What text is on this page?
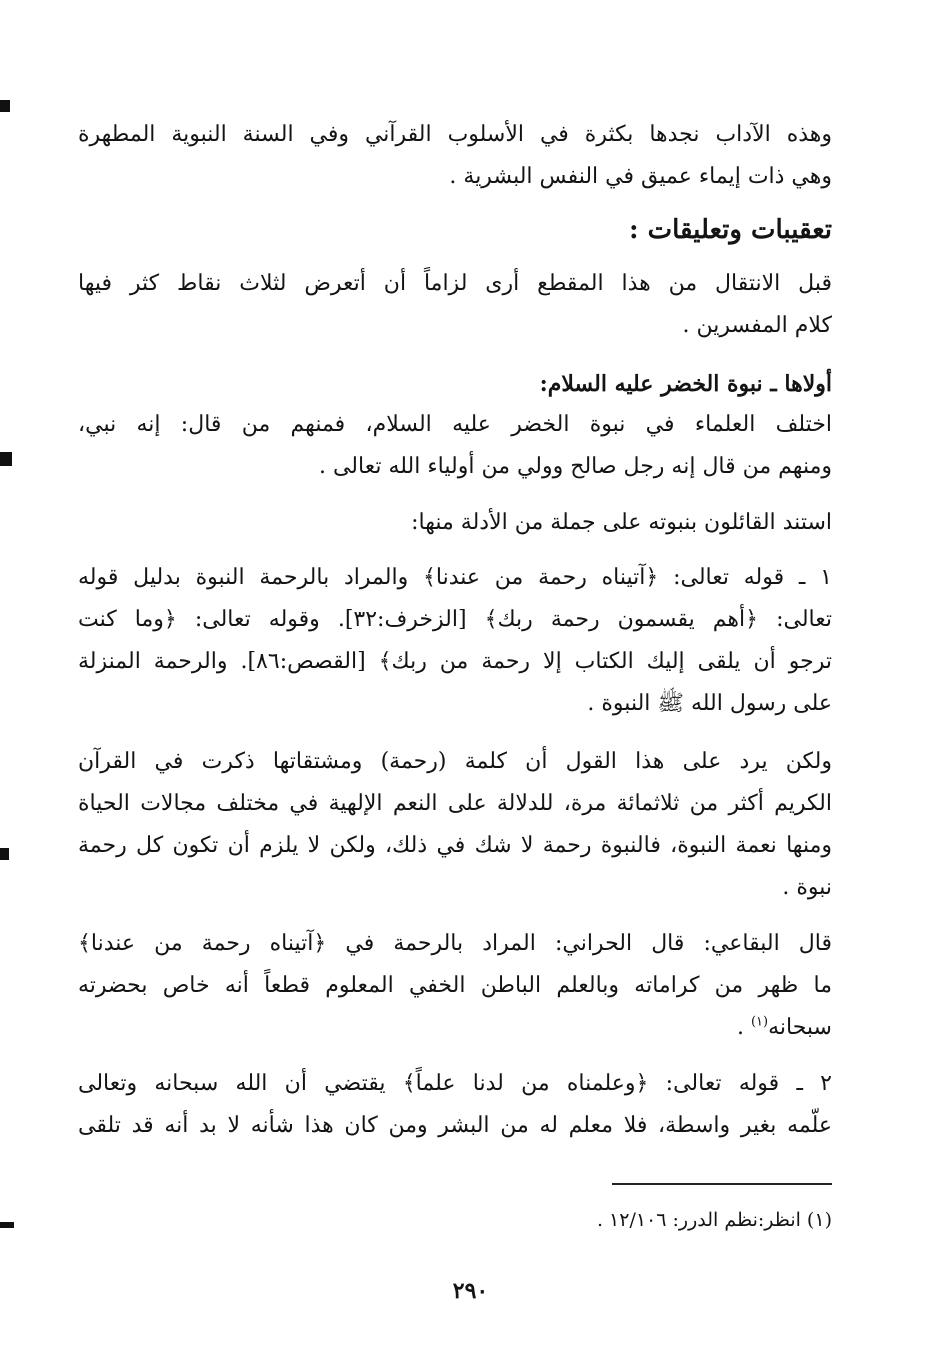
وهذه الآداب نجدها بكثرة في الأسلوب القرآني وفي السنة النبوية المطهرة
وهي ذات إيماء عميق في النفس البشرية .
تعقيبات وتعليقات :
قبل الانتقال من هذا المقطع أرى لزاماً أن أتعرض لثلاث نقاط كثر فيها
كلام المفسرين .
أولاها ـ نبوة الخضر عليه السلام:
اختلف العلماء في نبوة الخضر عليه السلام، فمنهم من قال: إنه نبي،
ومنهم من قال إنه رجل صالح وولي من أولياء الله تعالى .
استند القائلون بنبوته على جملة من الأدلة منها:
١ ـ قوله تعالى: ﴿آتيناه رحمة من عندنا﴾ والمراد بالرحمة النبوة بدليل قوله
تعالى: ﴿أهم يقسمون رحمة ربك﴾ [الزخرف:٣٢]. وقوله تعالى: ﴿وما كنت
ترجو أن يلقى إليك الكتاب إلا رحمة من ربك﴾ [القصص:٨٦]. والرحمة المنزلة
على رسول الله ﷺ النبوة .
ولكن يرد على هذا القول أن كلمة (رحمة) ومشتقاتها ذكرت في القرآن
الكريم أكثر من ثلاثمائة مرة، للدلالة على النعم الإلهية في مختلف مجالات الحياة
ومنها نعمة النبوة، فالنبوة رحمة لا شك في ذلك، ولكن لا يلزم أن تكون كل رحمة
نبوة .
قال البقاعي: قال الحراني: المراد بالرحمة في ﴿آتيناه رحمة من عندنا﴾
ما ظهر من كراماته وبالعلم الباطن الخفي المعلوم قطعاً أنه خاص بحضرته
سبحانه$^{(١)}$ .
٢ ـ قوله تعالى: ﴿وعلمناه من لدنا علماً﴾ يقتضي أن الله سبحانه وتعالى
علّمه بغير واسطة، فلا معلم له من البشر ومن كان هذا شأنه لا بد أنه قد تلقى
(١) انظر:نظم الدرر: ١٢/١٠٦ .
٢٩٠
